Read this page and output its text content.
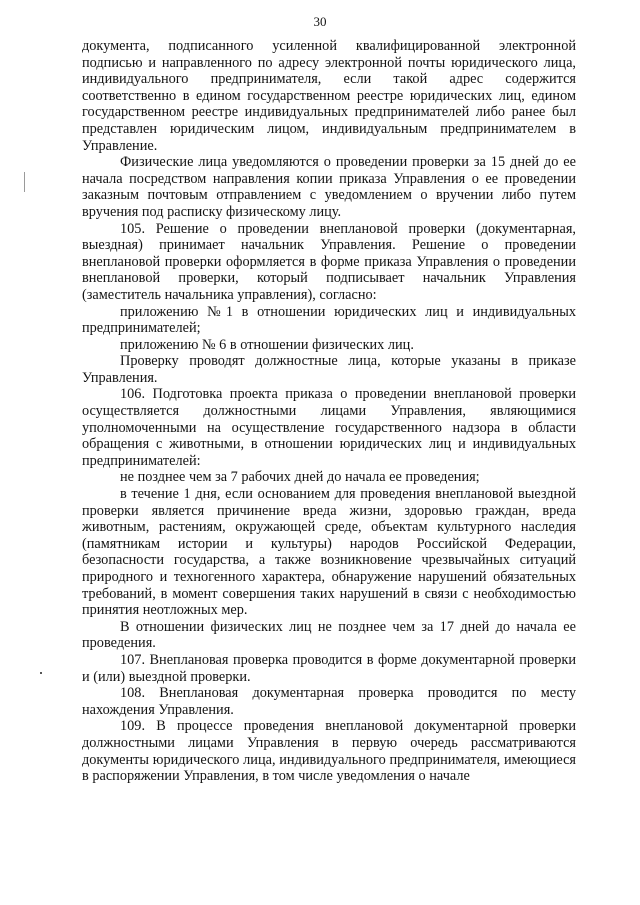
30

документа, подписанного усиленной квалифицированной электронной подписью и направленного по адресу электронной почты юридического лица, индивидуального предпринимателя, если такой адрес содержится соответственно в едином государственном реестре юридических лиц, едином государственном реестре индивидуальных предпринимателей либо ранее был представлен юридическим лицом, индивидуальным предпринимателем в Управление.

Физические лица уведомляются о проведении проверки за 15 дней до ее начала посредством направления копии приказа Управления о ее проведении заказным почтовым отправлением с уведомлением о вручении либо путем вручения под расписку физическому лицу.

105. Решение о проведении внеплановой проверки (документарная, выездная) принимает начальник Управления. Решение о проведении внеплановой проверки оформляется в форме приказа Управления о проведении внеплановой проверки, который подписывает начальник Управления (заместитель начальника управления), согласно:

приложению №1 в отношении юридических лиц и индивидуальных предпринимателей;

приложению № 6 в отношении физических лиц.

Проверку проводят должностные лица, которые указаны в приказе Управления.

106. Подготовка проекта приказа о проведении внеплановой проверки осуществляется должностными лицами Управления, являющимися уполномоченными на осуществление государственного надзора в области обращения с животными, в отношении юридических лиц и индивидуальных предпринимателей:

не позднее чем за 7 рабочих дней до начала ее проведения;

в течение 1 дня, если основанием для проведения внеплановой выездной проверки является причинение вреда жизни, здоровью граждан, вреда животным, растениям, окружающей среде, объектам культурного наследия (памятникам истории и культуры) народов Российской Федерации, безопасности государства, а также возникновение чрезвычайных ситуаций природного и техногенного характера, обнаружение нарушений обязательных требований, в момент совершения таких нарушений в связи с необходимостью принятия неотложных мер.

В отношении физических лиц не позднее чем за 17 дней до начала ее проведения.

107. Внеплановая проверка проводится в форме документарной проверки и (или) выездной проверки.

108. Внеплановая документарная проверка проводится по месту нахождения Управления.

109. В процессе проведения внеплановой документарной проверки должностными лицами Управления в первую очередь рассматриваются документы юридического лица, индивидуального предпринимателя, имеющиеся в распоряжении Управления, в том числе уведомления о начале
